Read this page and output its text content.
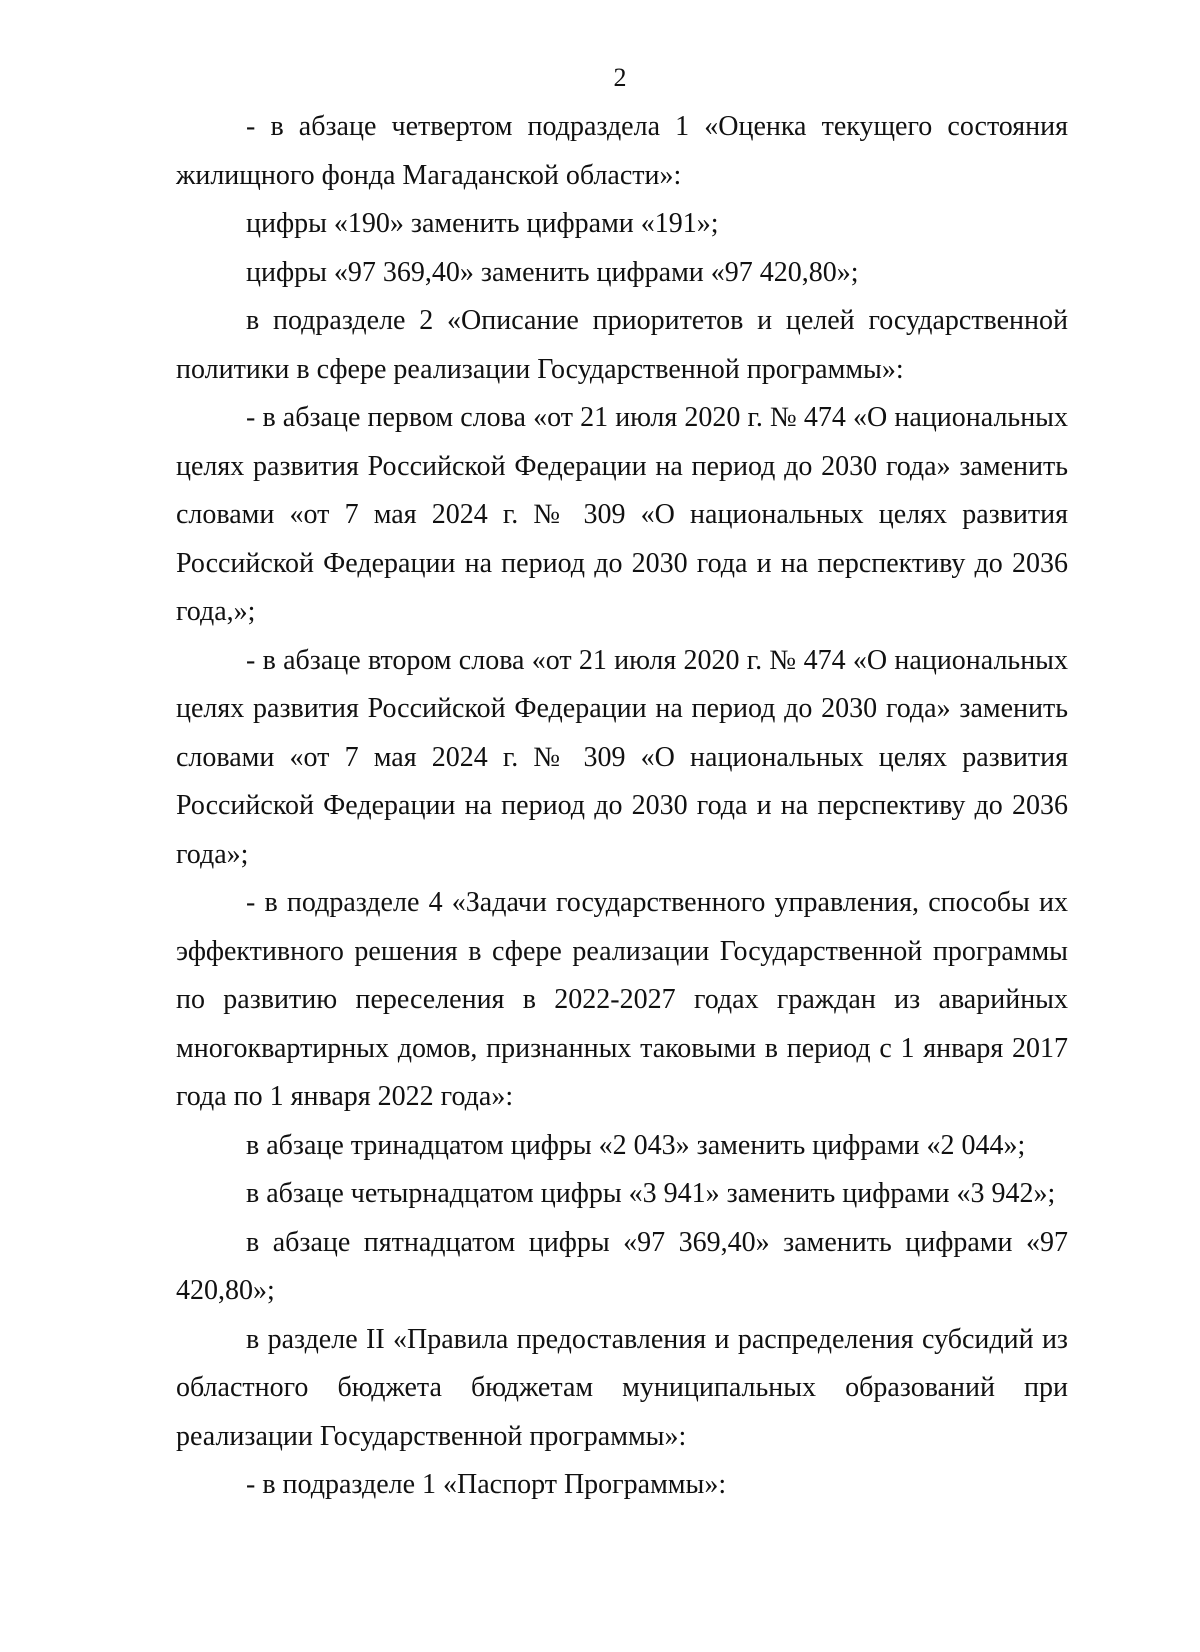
2

- в абзаце четвертом подраздела 1 «Оценка текущего состояния жилищного фонда Магаданской области»:

цифры «190» заменить цифрами «191»;

цифры «97 369,40» заменить цифрами «97 420,80»;

в подразделе 2 «Описание приоритетов и целей государственной политики в сфере реализации Государственной программы»:

- в абзаце первом слова «от 21 июля 2020 г. № 474 «О национальных целях развития Российской Федерации на период до 2030 года» заменить словами «от 7 мая 2024 г. № 309 «О национальных целях развития Российской Федерации на период до 2030 года и на перспективу до 2036 года,»;

- в абзаце втором слова «от 21 июля 2020 г. № 474 «О национальных целях развития Российской Федерации на период до 2030 года» заменить словами «от 7 мая 2024 г. № 309 «О национальных целях развития Российской Федерации на период до 2030 года и на перспективу до 2036 года»;

- в подразделе 4 «Задачи государственного управления, способы их эффективного решения в сфере реализации Государственной программы по развитию переселения в 2022-2027 годах граждан из аварийных многоквартирных домов, признанных таковыми в период с 1 января 2017 года по 1 января 2022 года»:

в абзаце тринадцатом цифры «2 043» заменить цифрами «2 044»;

в абзаце четырнадцатом цифры «3 941» заменить цифрами «3 942»;

в абзаце пятнадцатом цифры «97 369,40» заменить цифрами «97 420,80»;

в разделе II «Правила предоставления и распределения субсидий из областного бюджета бюджетам муниципальных образований при реализации Государственной программы»:

- в подразделе 1 «Паспорт Программы»:
